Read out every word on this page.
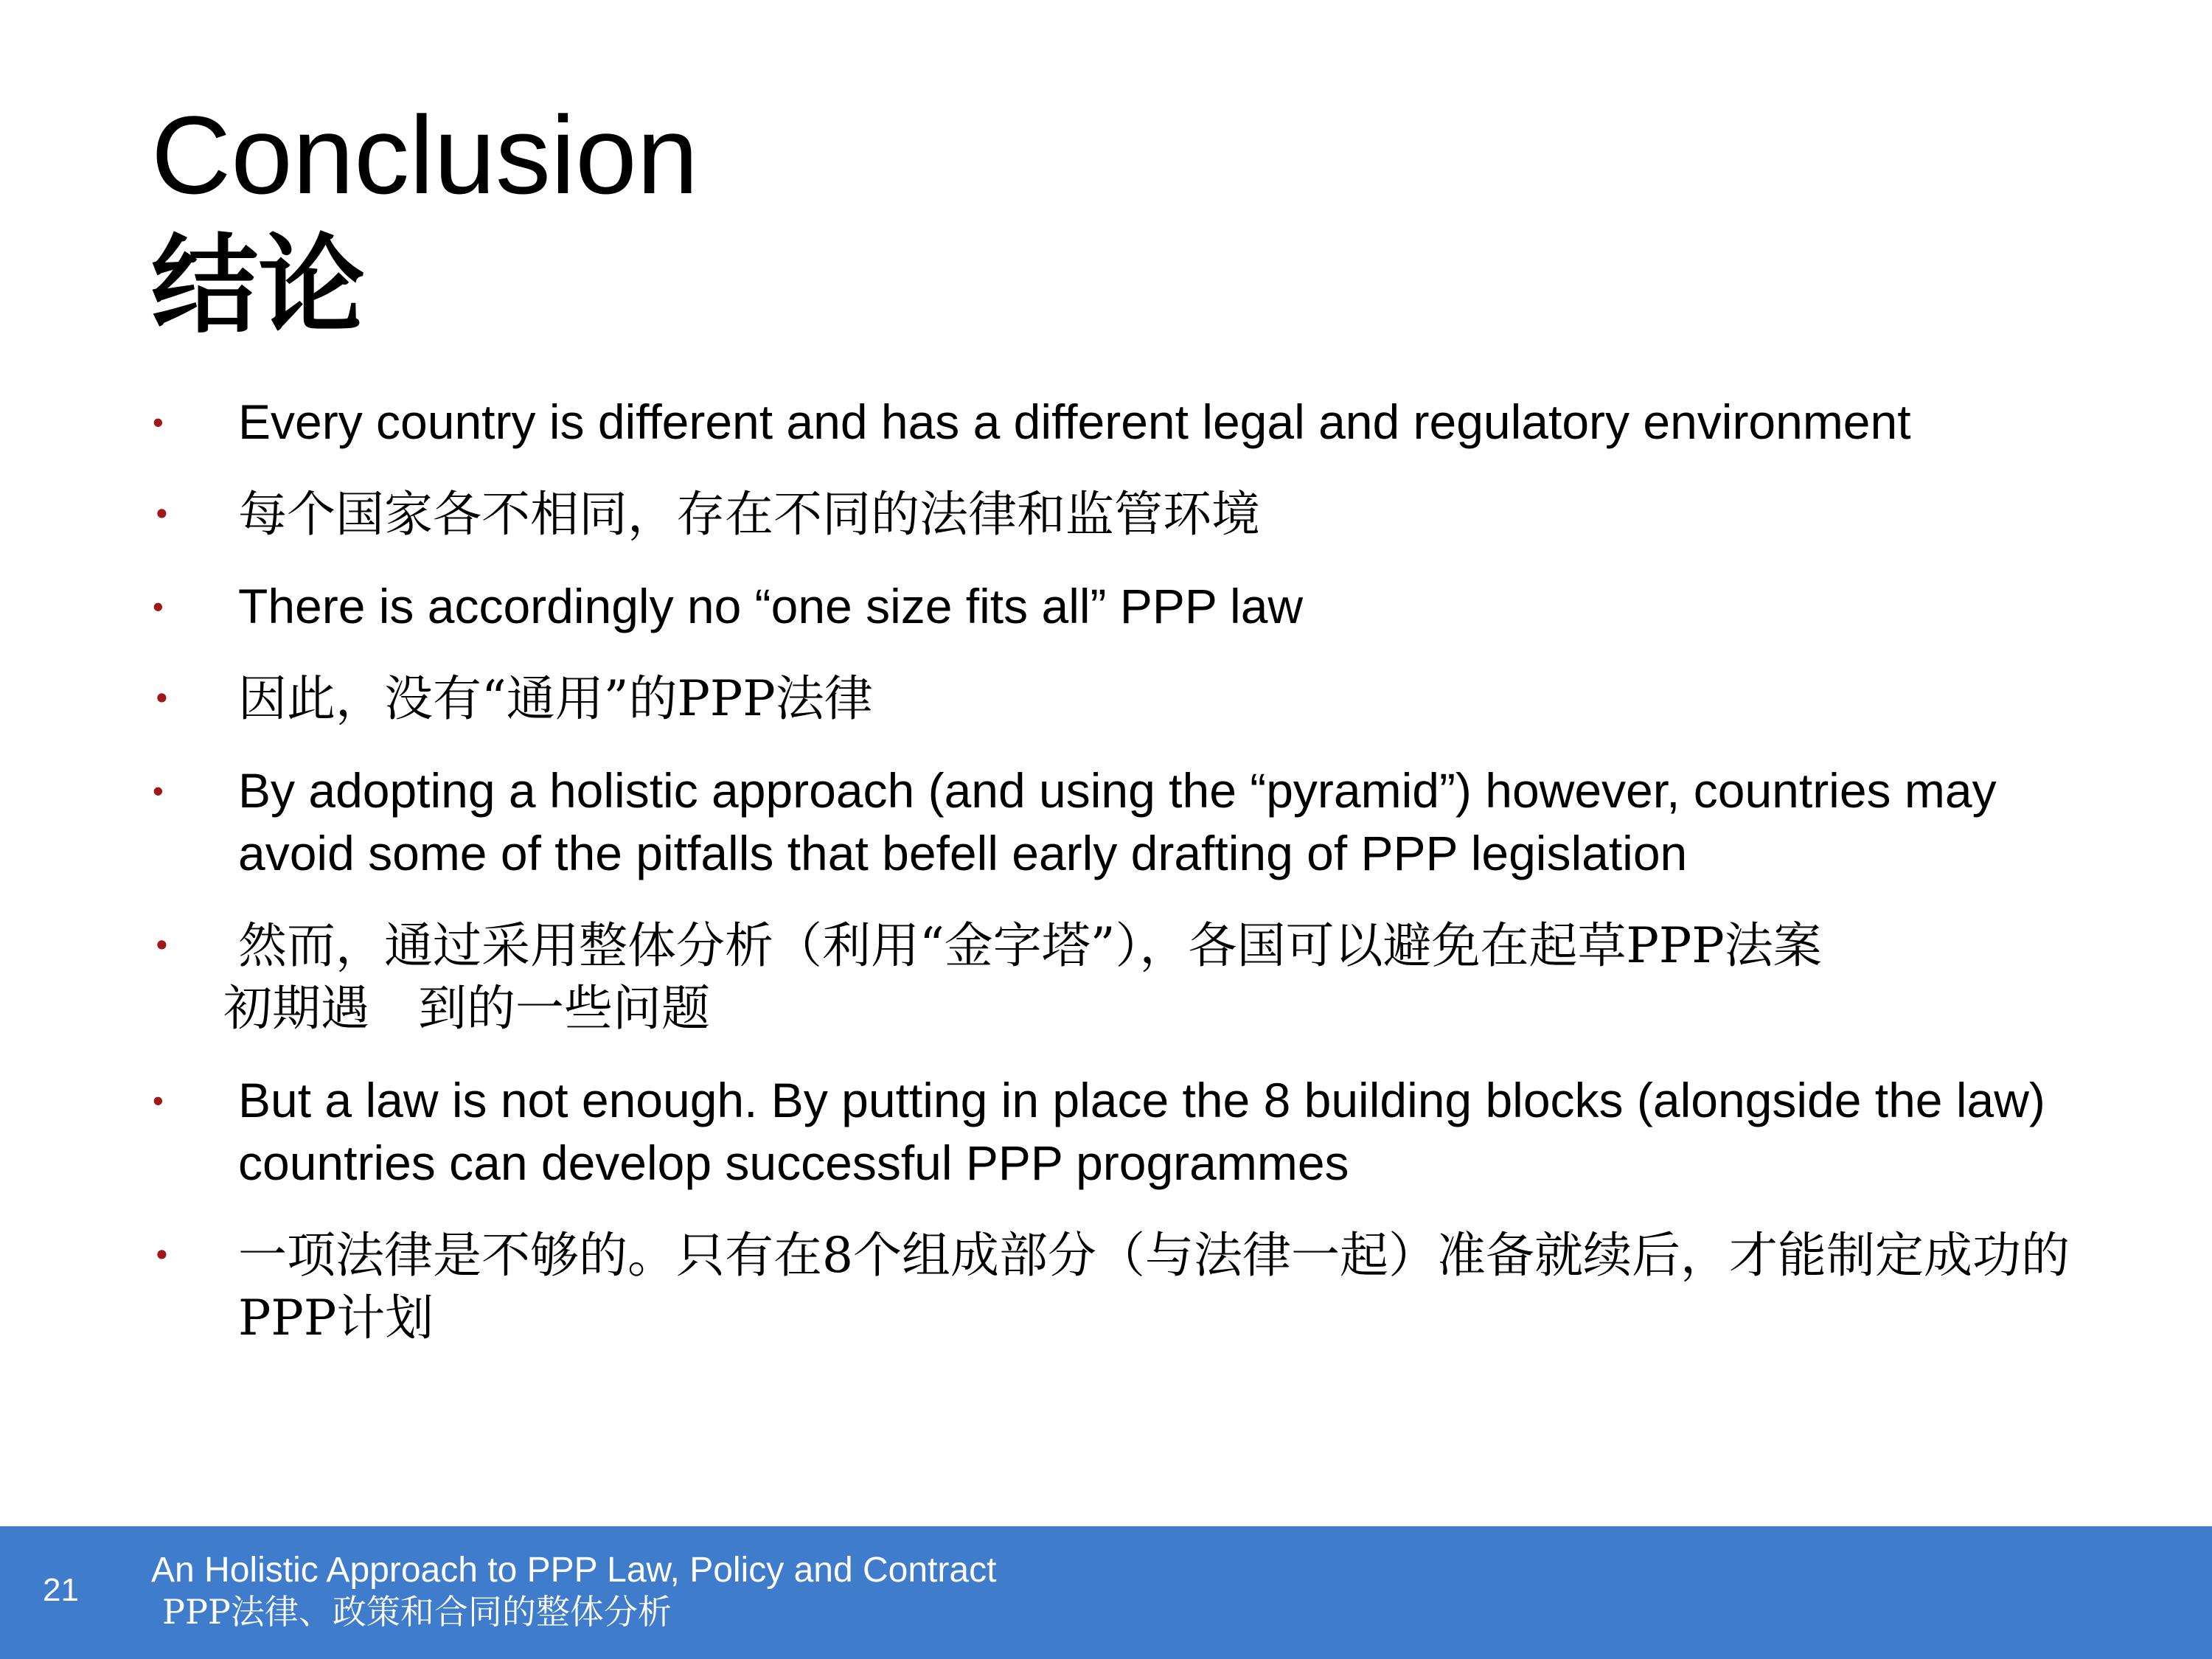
Conclusion
结论
• Every country is different and has a different legal and regulatory environment
• 每个国家各不相同，存在不同的法律和监管环境
• There is accordingly no “one size fits all” PPP law
• 因此，没有“通用”的PPP法律
• By adopting a holistic approach (and using the “pyramid”) however, countries may avoid some of the pitfalls that befell early drafting of PPP legislation
• 然而，通过采用整体分析（利用“金字塔”），各国可以避免在起草PPP法案
初期遇　到的一些问题
• But a law is not enough. By putting in place the 8 building blocks (alongside the law) countries can develop successful PPP programmes
• 一项法律是不够的。只有在8个组成部分（与法律一起）准备就续后，才能制定成功的PPP计划
21
An Holistic Approach to PPP Law, Policy and Contract
PPP法律、政策和合同的整体分析
